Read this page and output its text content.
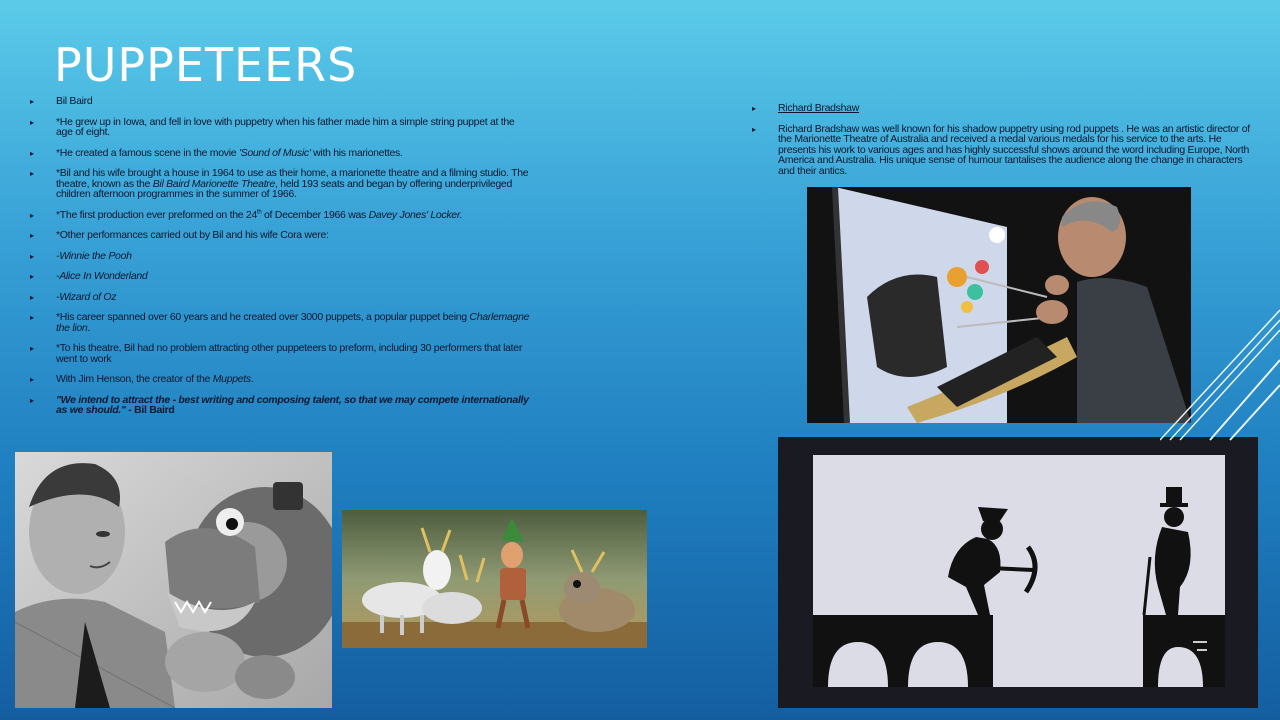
PUPPETEERS
▸ Bil Baird
▸ *He grew up in Iowa, and fell in love with puppetry when his father made him a simple string puppet at the age of eight.
▸ *He created a famous scene in the movie 'Sound of Music' with his marionettes.
▸ *Bil and his wife brought a house in 1964 to use as their home, a marionette theatre and a filming studio. The theatre, known as the Bil Baird Marionette Theatre, held 193 seats and began by offering underprivileged children afternoon programmes in the summer of 1966.
▸ *The first production ever preformed on the 24th of December 1966 was Davey Jones' Locker.
▸ *Other performances carried out by Bil and his wife Cora were:
▸ -Winnie the Pooh
▸ -Alice In Wonderland
▸ -Wizard of Oz
▸ *His career spanned over 60 years and he created over 3000 puppets, a popular puppet being Charlemagne the lion.
▸ *To his theatre, Bil had no problem attracting other puppeteers to preform, including 30 performers that later went to work
▸ With Jim Henson, the creator of the Muppets.
▸ "We intend to attract the - best writing and composing talent, so that we may compete internationally as we should." - Bil Baird
▸ Richard Bradshaw
▸ Richard Bradshaw was well known for his shadow puppetry using rod puppets . He was an artistic director of the Marionette Theatre of Australia and received a medal various medals for his service to the arts. He presents his work to various ages and has highly successful shows around the word including Europe, North America and Australia. His unique sense of humour tantalises the audience along the change in characters and their antics.
